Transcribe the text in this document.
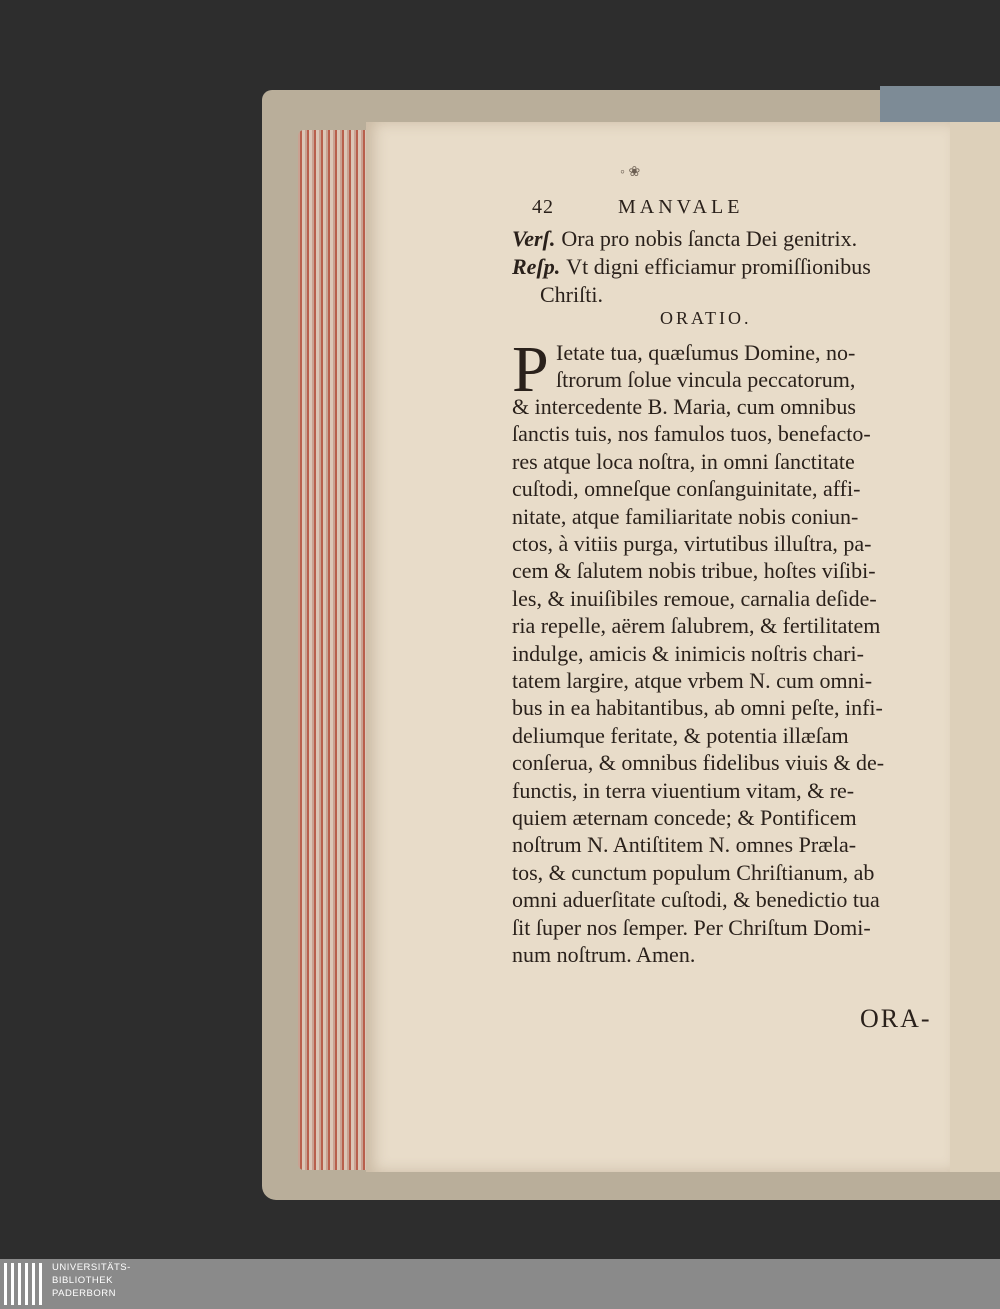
◦ ❀
42	MANVALE
Verſ. Ora pro nobis ſancta Dei genitrix.
Reſp. Vt digni efficiamur promiſſionibus
Chriſti.
ORATIO.
P Ietate tua, quæſumus Domine, no-
ſtrorum ſolue vincula peccatorum,
& intercedente B. Maria, cum omnibus
ſanctis tuis, nos famulos tuos, benefacto-
res atque loca noſtra, in omni ſanctitate
cuſtodi, omneſque conſanguinitate, affi-
nitate, atque familiaritate nobis coniun-
ctos, à vitiis purga, virtutibus illuſtra, pa-
cem & ſalutem nobis tribue, hoſtes viſibi-
les, & inuiſibiles remoue, carnalia deſide-
ria repelle, aërem ſalubrem, & fertilitatem
indulge, amicis & inimicis noſtris chari-
tatem largire, atque vrbem N. cum omni-
bus in ea habitantibus, ab omni peſte, infi-
deliumque feritate, & potentia illæſam
conſerua, & omnibus fidelibus viuis & de-
functis, in terra viuentium vitam, & re-
quiem æternam concede; & Pontificem
noſtrum N. Antiſtitem N. omnes Præla-
tos, & cunctum populum Chriſtianum, ab
omni aduerſitate cuſtodi, & benedictio tua
ſit ſuper nos ſemper. Per Chriſtum Domi-
num noſtrum. Amen.
ORA-
UNIVERSITÄTS-
BIBLIOTHEK
PADERBORN
